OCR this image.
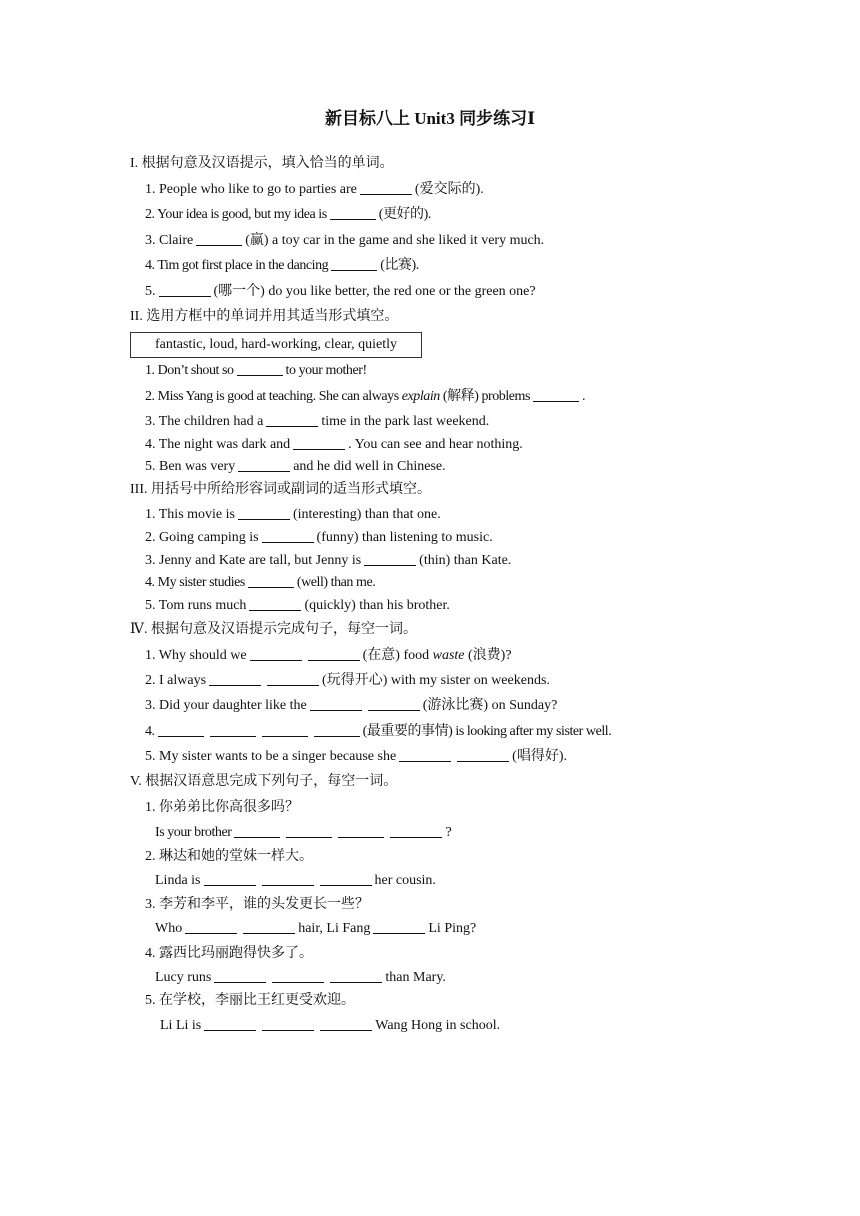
新目标八上 Unit3 同步练习Ⅰ
I. 根据句意及汉语提示，填入恰当的单词。
1. People who like to go to parties are	(爱交际的).
2. Your idea is good, but my idea is	(更好的).
3. Claire	(赢) a toy car in the game and she liked it very much.
4. Tim got first place in the dancing	(比赛).
5.	(哪一个) do you like better, the red one or the green one?
II. 选用方框中的单词并用其适当形式填空。
fantastic, loud, hard-working, clear, quietly
1. Don’t shout so	to your mother!
2. Miss Yang is good at teaching. She can always explain (解释) problems	.
3. The children had a	time in the park last weekend.
4. The night was dark and	. You can see and hear nothing.
5. Ben was very	and he did well in Chinese.
III. 用括号中所给形容词或副词的适当形式填空。
1. This movie is	(interesting) than that one.
2. Going camping is	(funny) than listening to music.
3. Jenny and Kate are tall, but Jenny is	(thin) than Kate.
4. My sister studies	(well) than me.
5. Tom runs much	(quickly) than his brother.
Ⅳ. 根据句意及汉语提示完成句子，每空一词。
1. Why should we	(在意) food waste (浪费)?
2. I always	(玩得开心) with my sister on weekends.
3. Did your daughter like the	(游泳比赛) on Sunday?
4.	(最重要的事情) is looking after my sister well.
5. My sister wants to be a singer because she	(唱得好).
V. 根据汉语意思完成下列句子，每空一词。
1. 你弟弟比你高很多吗？
Is your brother	?
2. 琳达和她的堂妹一样大。
Linda is	her cousin.
3. 李芳和李平，谁的头发更长一些？
Who	hair, Li Fang	Li Ping?
4. 露西比玛丽跑得快多了。
Lucy runs	than Mary.
5. 在学校，李丽比王红更受欢迎。
Li Li is	Wang Hong in school.
